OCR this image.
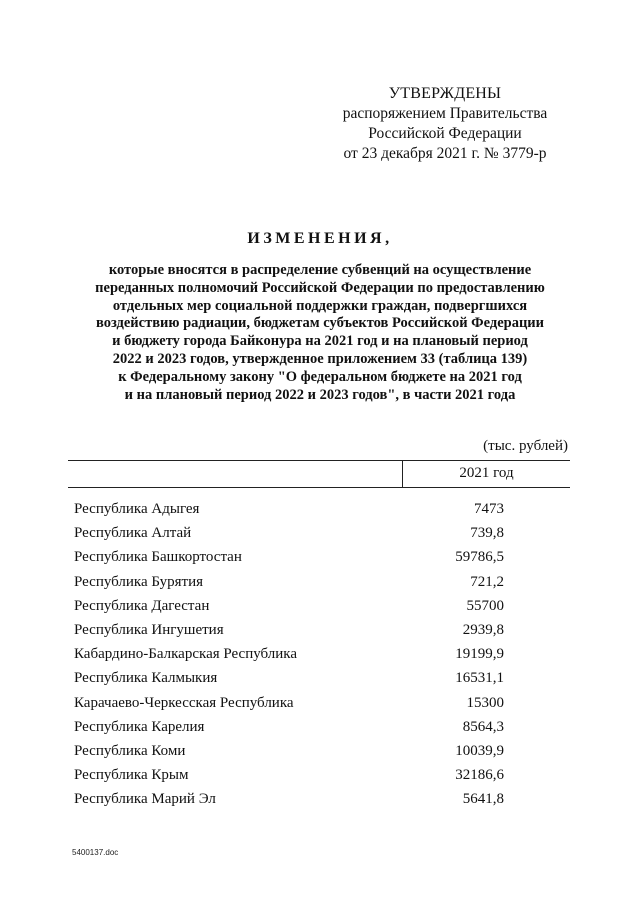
УТВЕРЖДЕНЫ
распоряжением Правительства
Российской Федерации
от 23 декабря 2021 г. № 3779-р
ИЗМЕНЕНИЯ,
которые вносятся в распределение субвенций на осуществление
переданных полномочий Российской Федерации по предоставлению
отдельных мер социальной поддержки граждан, подвергшихся
воздействию радиации, бюджетам субъектов Российской Федерации
и бюджету города Байконура на 2021 год и на плановый период
2022 и 2023 годов, утвержденное приложением 33 (таблица 139)
к Федеральному закону "О федеральном бюджете на 2021 год
и на плановый период 2022 и 2023 годов", в части 2021 года
(тыс. рублей)
2021 год
Республика Адыгея	7473
Республика Алтай	739,8
Республика Башкортостан	59786,5
Республика Бурятия	721,2
Республика Дагестан	55700
Республика Ингушетия	2939,8
Кабардино-Балкарская Республика	19199,9
Республика Калмыкия	16531,1
Карачаево-Черкесская Республика	15300
Республика Карелия	8564,3
Республика Коми	10039,9
Республика Крым	32186,6
Республика Марий Эл	5641,8
5400137.doc
